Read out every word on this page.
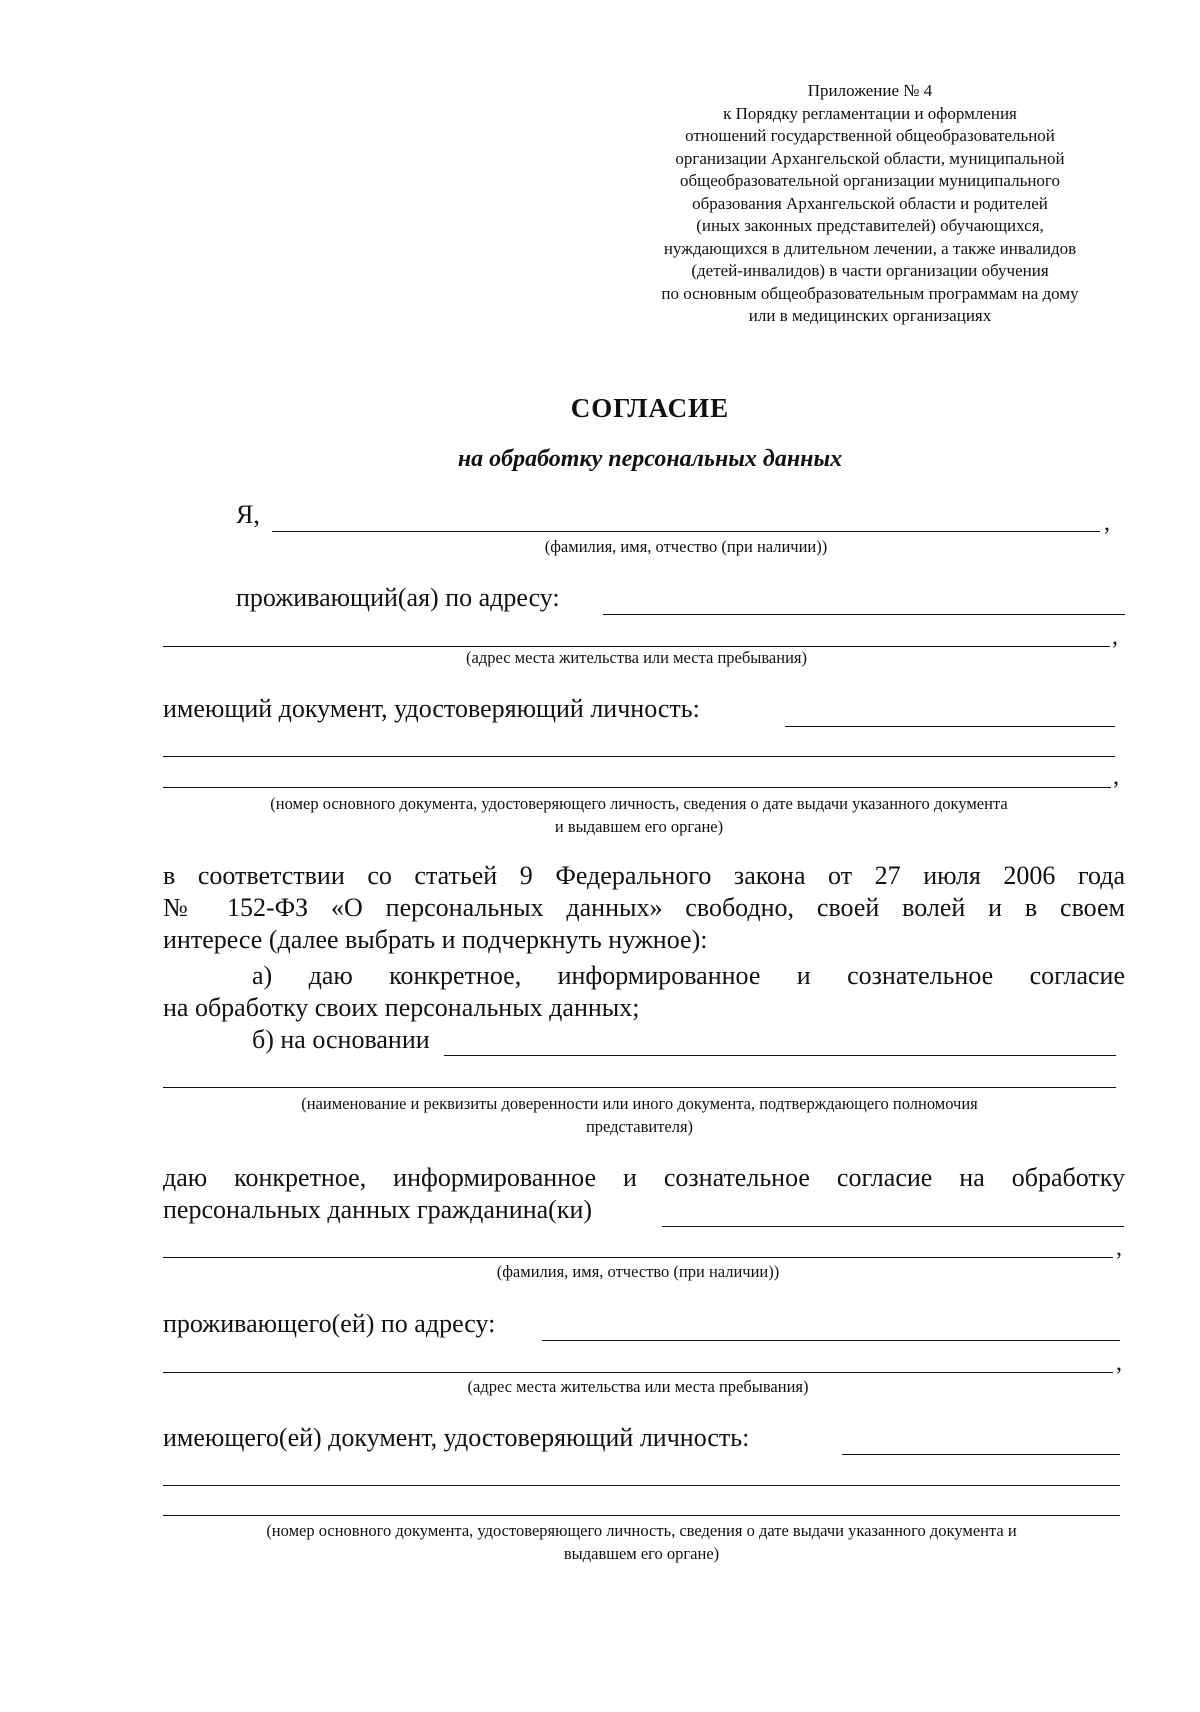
Приложение № 4
к Порядку регламентации и оформления
отношений государственной общеобразовательной
организации Архангельской области, муниципальной
общеобразовательной организации муниципального
образования Архангельской области и родителей
(иных законных представителей) обучающихся,
нуждающихся в длительном лечении, а также инвалидов
(детей-инвалидов) в части организации обучения
по основным общеобразовательным программам на дому
или в медицинских организациях
СОГЛАСИЕ
на обработку персональных данных
Я,	,
(фамилия, имя, отчество (при наличии))
проживающий(ая) по адресу:
,
(адрес места жительства или места пребывания)
имеющий документ, удостоверяющий личность:
,
(номер основного документа, удостоверяющего личность, сведения о дате выдачи указанного документа
и выдавшем его органе)
в соответствии со статьей 9 Федерального закона от 27 июля 2006 года
№ 152-ФЗ «О персональных данных» свободно, своей волей и в своем
интересе (далее выбрать и подчеркнуть нужное):
а) даю конкретное, информированное и сознательное согласие
на обработку своих персональных данных;
б) на основании
(наименование и реквизиты доверенности или иного документа, подтверждающего полномочия
представителя)
даю конкретное, информированное и сознательное согласие на обработку
персональных данных гражданина(ки)
,
(фамилия, имя, отчество (при наличии))
проживающего(ей) по адресу:
,
(адрес места жительства или места пребывания)
имеющего(ей) документ, удостоверяющий личность:
(номер основного документа, удостоверяющего личность, сведения о дате выдачи указанного документа и
выдавшем его органе)
